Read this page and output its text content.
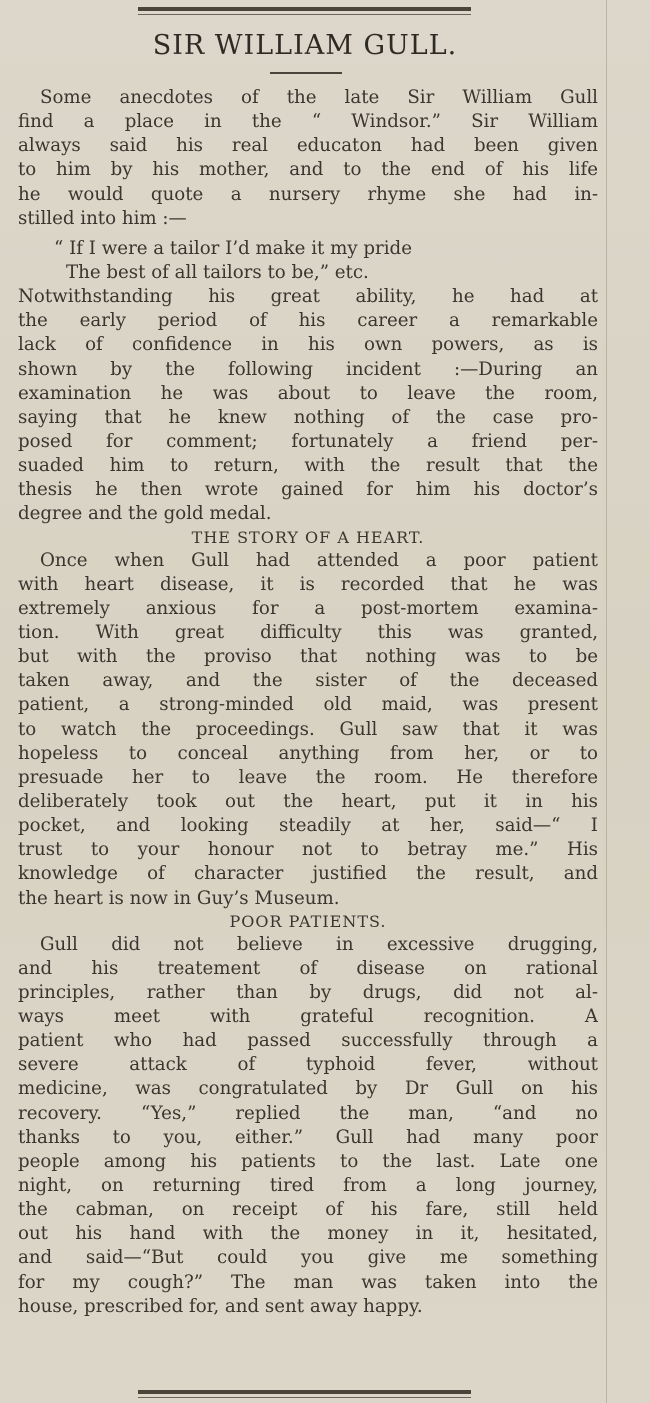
SIR WILLIAM GULL.
Some anecdotes of the late Sir William Gull
find a place in the “ Windsor.” Sir William
always said his real educaton had been given
to him by his mother, and to the end of his life
he would quote a nursery rhyme she had in-
stilled into him :—
“ If I were a tailor I’d make it my pride
The best of all tailors to be,” etc.
Notwithstanding his great ability, he had at
the early period of his career a remarkable
lack of confidence in his own powers, as is
shown by the following incident :—During an
examination he was about to leave the room,
saying that he knew nothing of the case pro-
posed for comment; fortunately a friend per-
suaded him to return, with the result that the
thesis he then wrote gained for him his doctor’s
degree and the gold medal.
THE STORY OF A HEART.
Once when Gull had attended a poor patient
with heart disease, it is recorded that he was
extremely anxious for a post-mortem examina-
tion. With great difficulty this was granted,
but with the proviso that nothing was to be
taken away, and the sister of the deceased
patient, a strong-minded old maid, was present
to watch the proceedings. Gull saw that it was
hopeless to conceal anything from her, or to
presuade her to leave the room. He therefore
deliberately took out the heart, put it in his
pocket, and looking steadily at her, said—“ I
trust to your honour not to betray me.” His
knowledge of character justified the result, and
the heart is now in Guy’s Museum.
POOR PATIENTS.
Gull did not believe in excessive drugging,
and his treatement of disease on rational
principles, rather than by drugs, did not al-
ways meet with grateful recognition. A
patient who had passed successfully through a
severe attack of typhoid fever, without
medicine, was congratulated by Dr Gull on his
recovery. “Yes,” replied the man, “and no
thanks to you, either.” Gull had many poor
people among his patients to the last. Late one
night, on returning tired from a long journey,
the cabman, on receipt of his fare, still held
out his hand with the money in it, hesitated,
and said—“But could you give me something
for my cough?” The man was taken into the
house, prescribed for, and sent away happy.
